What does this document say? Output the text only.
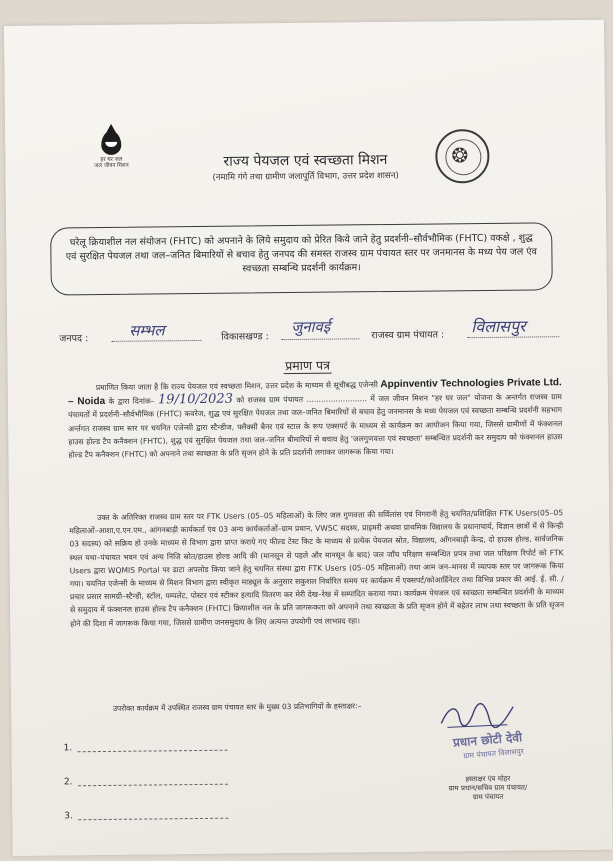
हर घर जल
जल जीवन मिशन	❂
राज्य पेयजल एवं स्वच्छता मिशन
(नमामि गंगे तथा ग्रामीण जलापूर्ति विभाग, उत्तर प्रदेश शासन)
घरेलू क्रियाशील नल संयोजन (FHTC) को अपनाने के लिये समुदाय को प्रेरित किये जाने हेतु प्रदर्शनी–सौर्वभौमिक (FHTC) वकक्षे , शुद्ध एवं सुरक्षित पेयजल तथा जल–जनित बिमारियों से बचाव हेतु जनपद की समस्त राजस्व ग्राम पंचायत स्तर पर जनमानस के मध्य पेय जल एंव स्वच्छता सम्बन्धि प्रदर्शनी कार्यक्रम।
जनपद :	सम्भल	विकासखण्ड :
जुनावई	राजस्व ग्राम पंचायत : विलासपुर
प्रमाण पत्र
प्रमाणित किया जाता है कि राज्य पेयजल एवं स्वच्छता मिशन, उत्तर प्रदेश के माध्यम से सूचीबद्ध एजेन्सी Appinventiv Technologies Private Ltd. – Noida के द्वारा दिनांक– 19/10/2023 को राजस्व ग्राम पंचायत ......................... में जल जीवन मिशन "हर घर जल" योजना के अन्तर्गत राजस्व ग्राम पंचायतों में प्रदर्शनी–सौर्वभौमिक (FHTC) कवरेज, शुद्ध एवं सुरक्षित पेयजल तथा जल–जनित बिमारियों से बचाव हेतु जनमानस के मध्य पेयजल एवं स्वच्छता सम्बन्धि प्रदर्शनी सहभाग अर्न्तगत राजस्व ग्राम स्तर पर चयनित एजेन्सी द्वारा स्टैन्डीज, फ्लैक्सी बैनर एवं स्टाल के रूप एक्सपर्ट के माध्यम से कार्यक्रम का आयोजन किया गया, जिससे ग्रामीणों में फंक्शनल हाउस होल्ड टैप कनैक्शन (FHTC), शुद्ध एवं सुरक्षित पेयजल तथा जल–जनित बीमारियों से बचाव हेतु 'जलगुणवत्ता एवं स्वच्छता' सम्बन्धित प्रदर्शनी कर समुदाय को फंक्शनल हाउस होल्ड टैप कनैक्शन (FHTC) को अपनाने तथा स्वच्छता के प्रति सृजन होने के प्रति प्रदर्शनी लगाकर जागरूक किया गया।
उक्त के अतिरिक्त राजस्व ग्राम स्तर पर FTK Users (05–05 महिलाओं) के लिए जल गुणवत्ता की सर्विलांस एवं निगरानी हेतु चयनित/प्रशिक्षित FTK Users(05–05 महिलाओं–आशा,ए.एन.एम., आंगनबाड़ी कार्यकर्ता एंव 03 अन्य कार्यकर्ताओं–ग्राम प्रधान, VWSC सदस्य, प्राइमरी अथवा प्राथमिक विद्यालय के प्रधानाचार्य, विज्ञान छात्रों में से किन्ही 03 सदस्य) को सक्रिय हो उनके माध्यम से विभाग द्वारा प्राप्त कराये गए फील्ड टेस्ट किट के माध्यम से प्रत्येक पेयजल स्रोत, विद्यालय, आँगनबाड़ी केन्द्र, दो हाउस होल्ड, सार्वजनिक स्थल यथा–पंचायत भवन एवं अन्य निजि स्रोत/हाउस होल्ड आदि की (मानसून से पहले और मानसून के बाद) जल जाँच परिक्षण सम्बन्धित प्रपत्र तथा जल परिक्षण रिपोर्ट को FTK Users द्वारा WQMIS Portal पर डाटा अपलोड किया जाने हेतु चयनित संस्था द्वारा FTK Users (05–05 महिलाओं) तथा आम जन–मानस में व्यापक स्तर पर जागरूक किया गया। चयनित एजेन्सी के माध्यम से मिशन विभाग द्वारा स्वीकृत माड्यूल के अनुसार सकुशल निर्धारित समय पर कार्यक्रम में एक्सपर्ट/कोआर्डिनेटर तथा विभिन्न प्रकार की आई. ई. सी. /प्रचार प्रसार सामग्री–स्टैन्डी, स्टॉल, पम्पलेट, पोस्टर एवं स्टीकर इत्यादि वितरण कर मेरी देख–रेख में सम्पादित कराया गया। कार्यक्रम पेयजल एवं स्वच्छता सम्बन्धित प्रदर्शनी के माध्यम से समुदाय में फंक्शनल हाउस होल्ड टैप कनैक्शन (FHTC) क्रियाशील नल के प्रति जागरूकता को अपनाने तथा स्वच्छता के प्रति सृजन होने में बहेतर लाभ तथा स्वच्छता के प्रति सृजन होने की दिशा में जागरूक किया गया, जिससे ग्रामीण जनसमुदाय के लिए अत्यन्त उपयोगी एवं लाभप्रद रहा।
उपरोक्त कार्यक्रम में उपस्थित राजस्व ग्राम पंचायत स्तर के मुख्य 03 प्रतिभागियों के हस्ताक्षर:–
1.
2.
3.
प्रधान छोटी देवी
ग्राम पंचायत विलासपुर
हस्ताक्षर एंव मोहर
ग्राम प्रधान/सचिव ग्राम पंचायत/
ग्राम पंचायत
